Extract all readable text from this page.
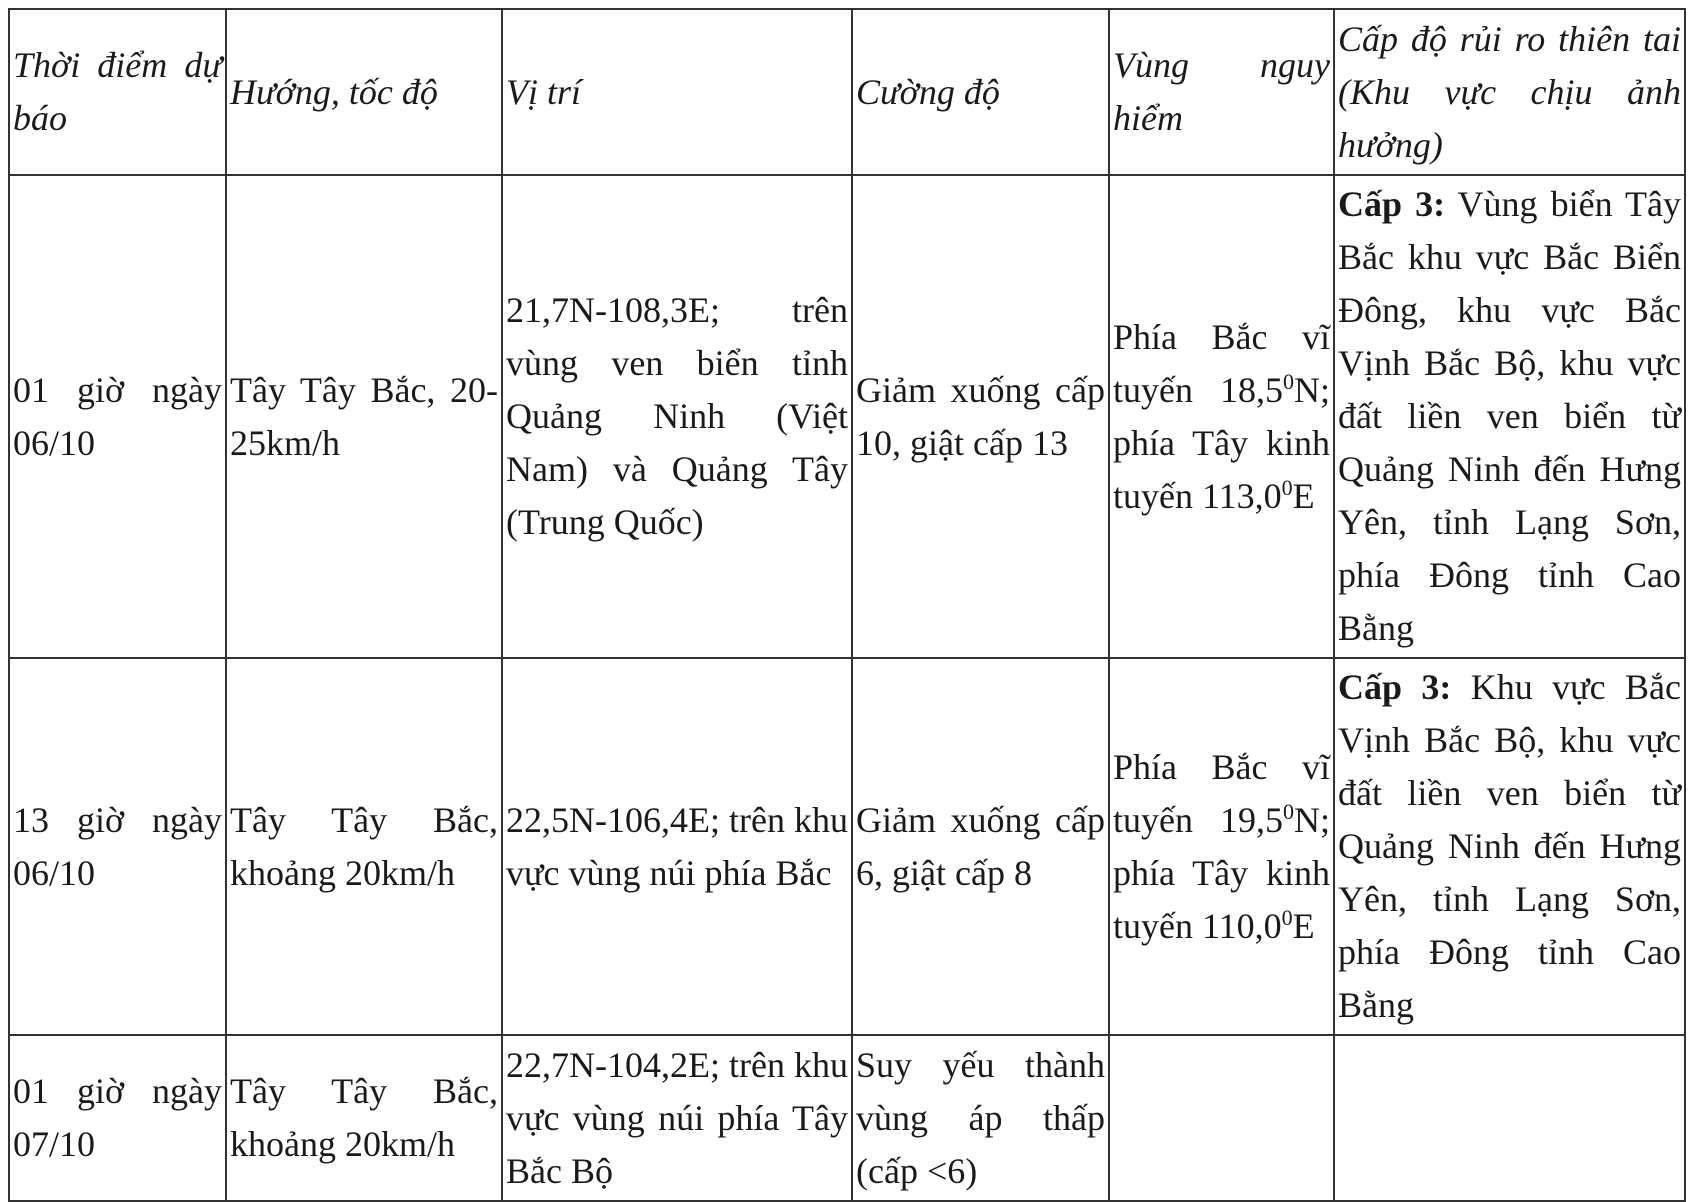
Thời điểm dự báo	Hướng, tốc độ	Vị trí	Cường độ	Vùng nguy hiểm	Cấp độ rủi ro thiên tai (Khu vực chịu ảnh hưởng)
01 giờ ngày 06/10	Tây Tây Bắc, 20-25km/h	21,7N-108,3E; trên vùng ven biển tỉnh Quảng Ninh (Việt Nam) và Quảng Tây (Trung Quốc)	Giảm xuống cấp 10, giật cấp 13	Phía Bắc vĩ tuyến 18,5$^0$N; phía Tây kinh tuyến 113,0$^0$E	Cấp 3: Vùng biển Tây Bắc khu vực Bắc Biển Đông, khu vực Bắc Vịnh Bắc Bộ, khu vực đất liền ven biển từ Quảng Ninh đến Hưng Yên, tỉnh Lạng Sơn, phía Đông tỉnh Cao Bằng
13 giờ ngày 06/10	Tây Tây Bắc, khoảng 20km/h	22,5N-106,4E; trên khu vực vùng núi phía Bắc	Giảm xuống cấp 6, giật cấp 8	Phía Bắc vĩ tuyến 19,5$^0$N; phía Tây kinh tuyến 110,0$^0$E	Cấp 3: Khu vực Bắc Vịnh Bắc Bộ, khu vực đất liền ven biển từ Quảng Ninh đến Hưng Yên, tỉnh Lạng Sơn, phía Đông tỉnh Cao Bằng
01 giờ ngày 07/10	Tây Tây Bắc, khoảng 20km/h	22,7N-104,2E; trên khu vực vùng núi phía Tây Bắc Bộ	Suy yếu thành vùng áp thấp (cấp <6)		
